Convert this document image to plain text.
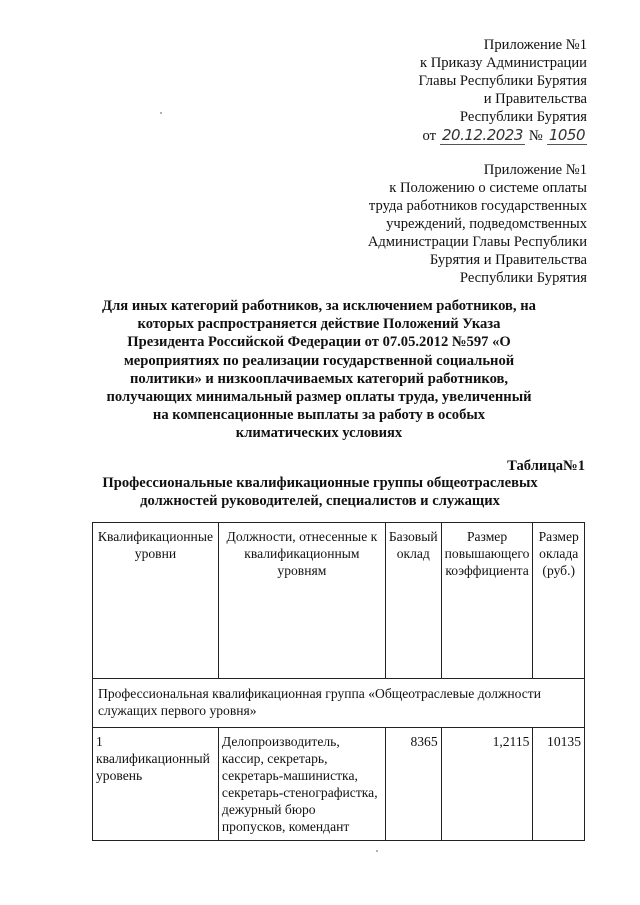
Приложение №1
к Приказу Администрации
Главы Республики Бурятия
и Правительства
Республики Бурятия
от 20.12.2023 № 1050
Приложение №1
к Положению о системе оплаты
труда работников государственных
учреждений, подведомственных
Администрации Главы Республики
Бурятия и Правительства
Республики Бурятия
Для иных категорий работников, за исключением работников, на которых распространяется действие Положений Указа Президента Российской Федерации от 07.05.2012 №597 «О мероприятиях по реализации государственной социальной политики» и низкооплачиваемых категорий работников, получающих минимальный размер оплаты труда, увеличенный на компенсационные выплаты за работу в особых климатических условиях
Таблица№1
Профессиональные квалификационные группы общеотраслевых должностей руководителей, специалистов и служащих
Квалификационные уровни	Должности, отнесенные к квалификационным уровням	Базовый оклад	Размер повышающего коэффициента	Размер оклада (руб.)
Профессиональная квалификационная группа «Общеотраслевые должности служащих первого уровня»				
1 квалификационный уровень	Делопроизводитель, кассир, секретарь, секретарь-машинистка, секретарь-стенографистка, дежурный бюро пропусков, комендант	8365	1,2115	10135
